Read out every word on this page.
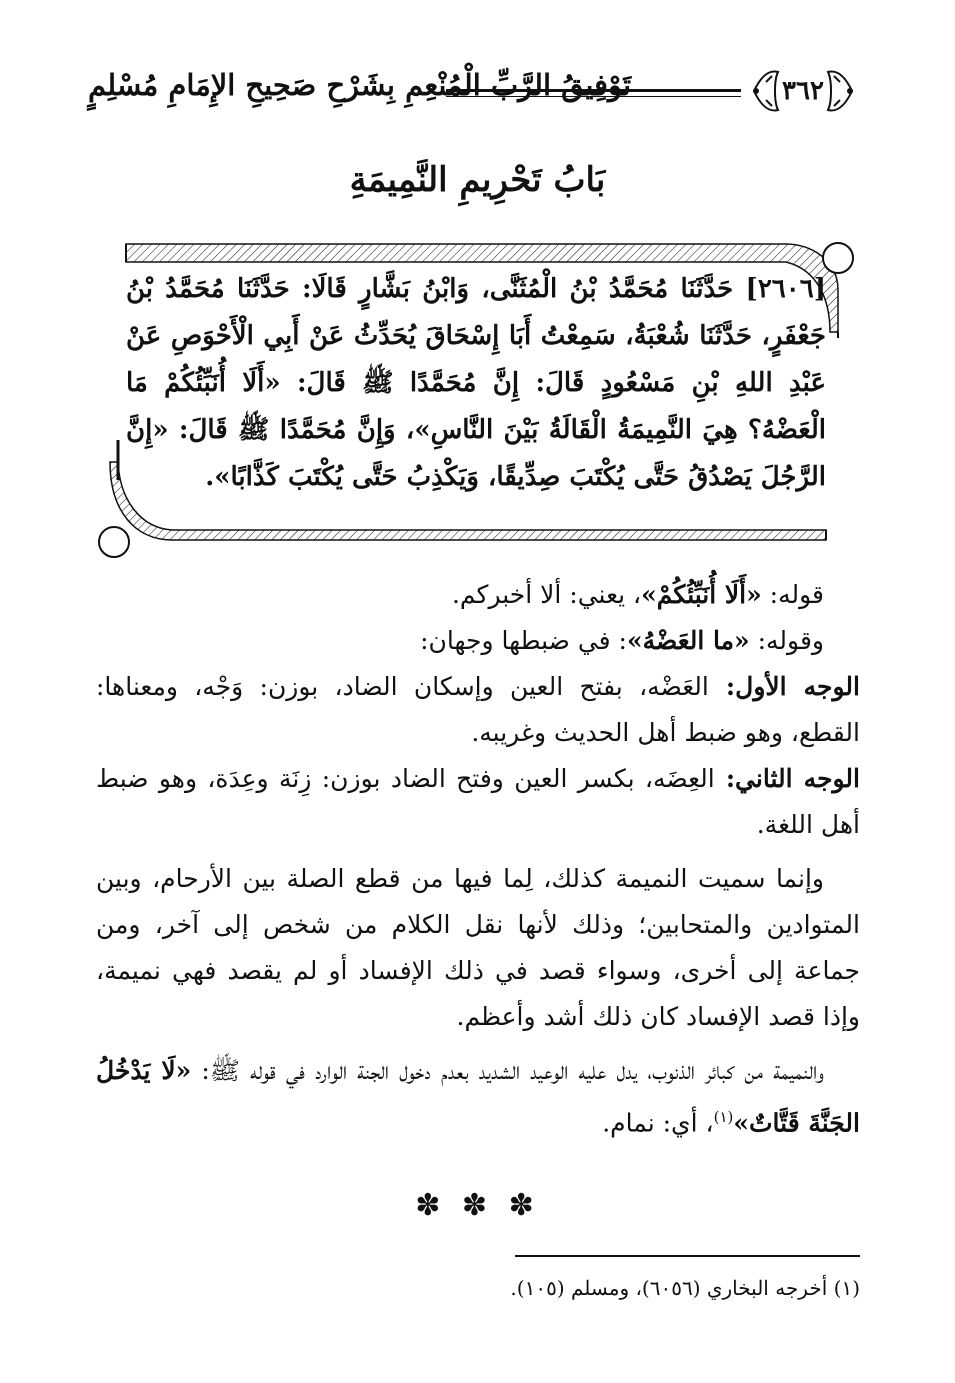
تَوْفِيقُ الرَّبِّ الْمُنْعِمِ بِشَرْحِ صَحِيحِ الإِمَامِ مُسْلِمٍ	٣٦٢
بَابُ تَحْرِيمِ النَّمِيمَةِ
[٢٦٠٦] حَدَّثَنَا مُحَمَّدُ بْنُ الْمُثَنَّى، وَابْنُ بَشَّارٍ قَالَا: حَدَّثَنَا مُحَمَّدُ بْنُ جَعْفَرٍ، حَدَّثَنَا شُعْبَةُ، سَمِعْتُ أَبَا إِسْحَاقَ يُحَدِّثُ عَنْ أَبِي الْأَحْوَصِ عَنْ عَبْدِ اللهِ بْنِ مَسْعُودٍ قَالَ: إِنَّ مُحَمَّدًا ﷺ قَالَ: «أَلَا أُنَبِّئُكُمْ مَا الْعَضْهُ؟ هِيَ النَّمِيمَةُ الْقَالَةُ بَيْنَ النَّاسِ»، وَإِنَّ مُحَمَّدًا ﷺ قَالَ: «إِنَّ الرَّجُلَ يَصْدُقُ حَتَّى يُكْتَبَ صِدِّيقًا، وَيَكْذِبُ حَتَّى يُكْتَبَ كَذَّابًا».

قوله: «أَلَا أُنَبِّئُكُمْ»، يعني: ألا أخبركم.

وقوله: «ما العَضْهُ»: في ضبطها وجهان:

الوجه الأول: العَضْه، بفتح العين وإسكان الضاد، بوزن: وَجْه، ومعناها: القطع، وهو ضبط أهل الحديث وغريبه.

الوجه الثاني: العِضَه، بكسر العين وفتح الضاد بوزن: زِنَة وعِدَة، وهو ضبط أهل اللغة.

وإنما سميت النميمة كذلك، لِما فيها من قطع الصلة بين الأرحام، وبين المتوادين والمتحابين؛ وذلك لأنها نقل الكلام من شخص إلى آخر، ومن جماعة إلى أخرى، وسواء قصد في ذلك الإفساد أو لم يقصد فهي نميمة، وإذا قصد الإفساد كان ذلك أشد وأعظم.

والنميمة من كبائر الذنوب، يدل عليه الوعيد الشديد بعدم دخول الجنة الوارد في قوله ﷺ: «لَا يَدْخُلُ الجَنَّةَ قَتَّاتٌ»$^{(١)}$، أي: نمام.

✽ ✽ ✽
(١) أخرجه البخاري (٦٠٥٦)، ومسلم (١٠٥).
